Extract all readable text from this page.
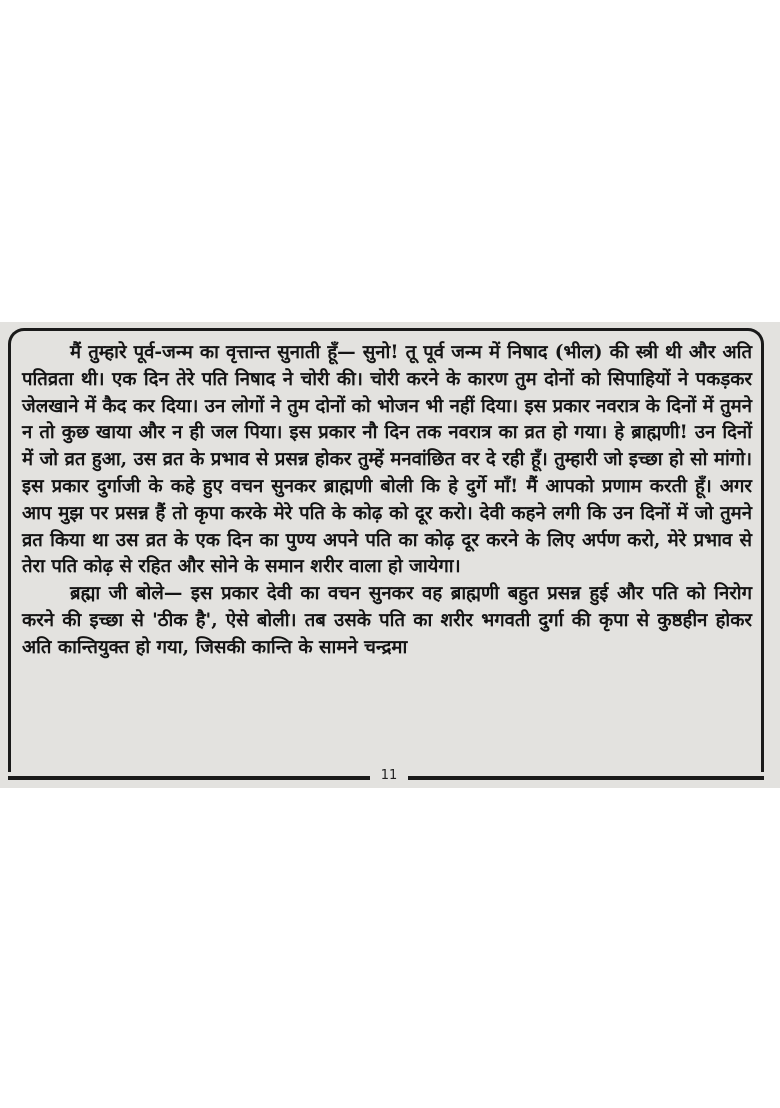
मैं तुम्हारे पूर्व-जन्म का वृत्तान्त सुनाती हूँ— सुनो! तू पूर्व जन्म में निषाद (भील) की स्त्री थी और अति पतिव्रता थी। एक दिन तेरे पति निषाद ने चोरी की। चोरी करने के कारण तुम दोनों को सिपाहियों ने पकड़कर जेलखाने में कैद कर दिया। उन लोगों ने तुम दोनों को भोजन भी नहीं दिया। इस प्रकार नवरात्र के दिनों में तुमने न तो कुछ खाया और न ही जल पिया। इस प्रकार नौ दिन तक नवरात्र का व्रत हो गया। हे ब्राह्मणी! उन दिनों में जो व्रत हुआ, उस व्रत के प्रभाव से प्रसन्न होकर तुम्हें मनवांछित वर दे रही हूँ। तुम्हारी जो इच्छा हो सो मांगो। इस प्रकार दुर्गाजी के कहे हुए वचन सुनकर ब्राह्मणी बोली कि हे दुर्गे माँ! मैं आपको प्रणाम करती हूँ। अगर आप मुझ पर प्रसन्न हैं तो कृपा करके मेरे पति के कोढ़ को दूर करो। देवी कहने लगी कि उन दिनों में जो तुमने व्रत किया था उस व्रत के एक दिन का पुण्य अपने पति का कोढ़ दूर करने के लिए अर्पण करो, मेरे प्रभाव से तेरा पति कोढ़ से रहित और सोने के समान शरीर वाला हो जायेगा।

ब्रह्मा जी बोले— इस प्रकार देवी का वचन सुनकर वह ब्राह्मणी बहुत प्रसन्न हुई और पति को निरोग करने की इच्छा से 'ठीक है', ऐसे बोली। तब उसके पति का शरीर भगवती दुर्गा की कृपा से कुष्ठहीन होकर अति कान्तियुक्त हो गया, जिसकी कान्ति के सामने चन्द्रमा

11
